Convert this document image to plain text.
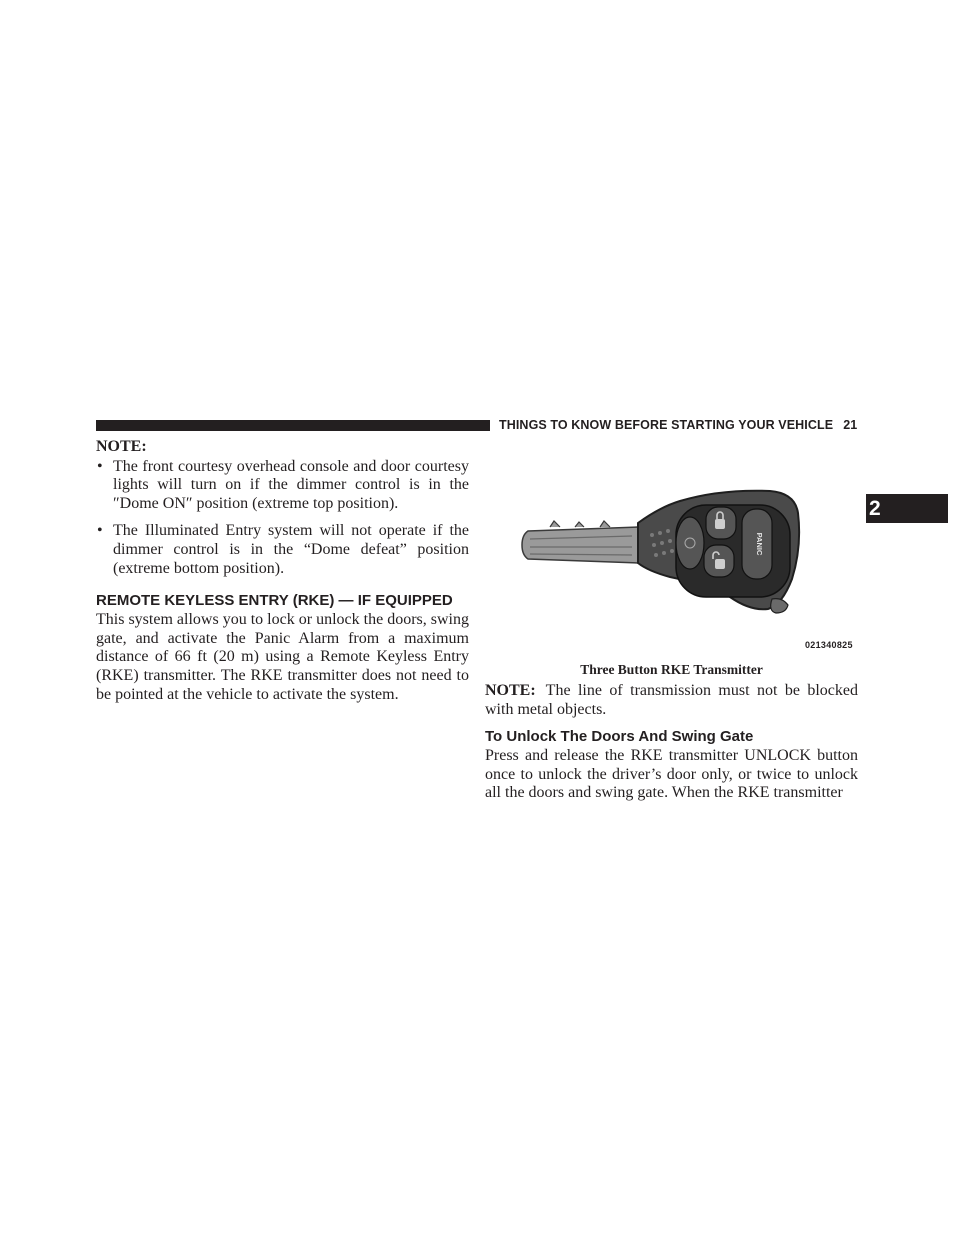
THINGS TO KNOW BEFORE STARTING YOUR VEHICLE 21
2
NOTE:
• The front courtesy overhead console and door courtesy lights will turn on if the dimmer control is in the ″Dome ON″ position (extreme top position).
• The Illuminated Entry system will not operate if the dimmer control is in the “Dome defeat” position (extreme bottom position).
REMOTE KEYLESS ENTRY (RKE) — IF EQUIPPED

This system allows you to lock or unlock the doors, swing gate, and activate the Panic Alarm from a maximum distance of 66 ft (20 m) using a Remote Keyless Entry (RKE) transmitter. The RKE transmitter does not need to be pointed at the vehicle to activate the system.

PANIC
021340825
Three Button RKE Transmitter

NOTE: The line of transmission must not be blocked with metal objects.

To Unlock The Doors And Swing Gate

Press and release the RKE transmitter UNLOCK button once to unlock the driver’s door only, or twice to unlock all the doors and swing gate. When the RKE transmitter
